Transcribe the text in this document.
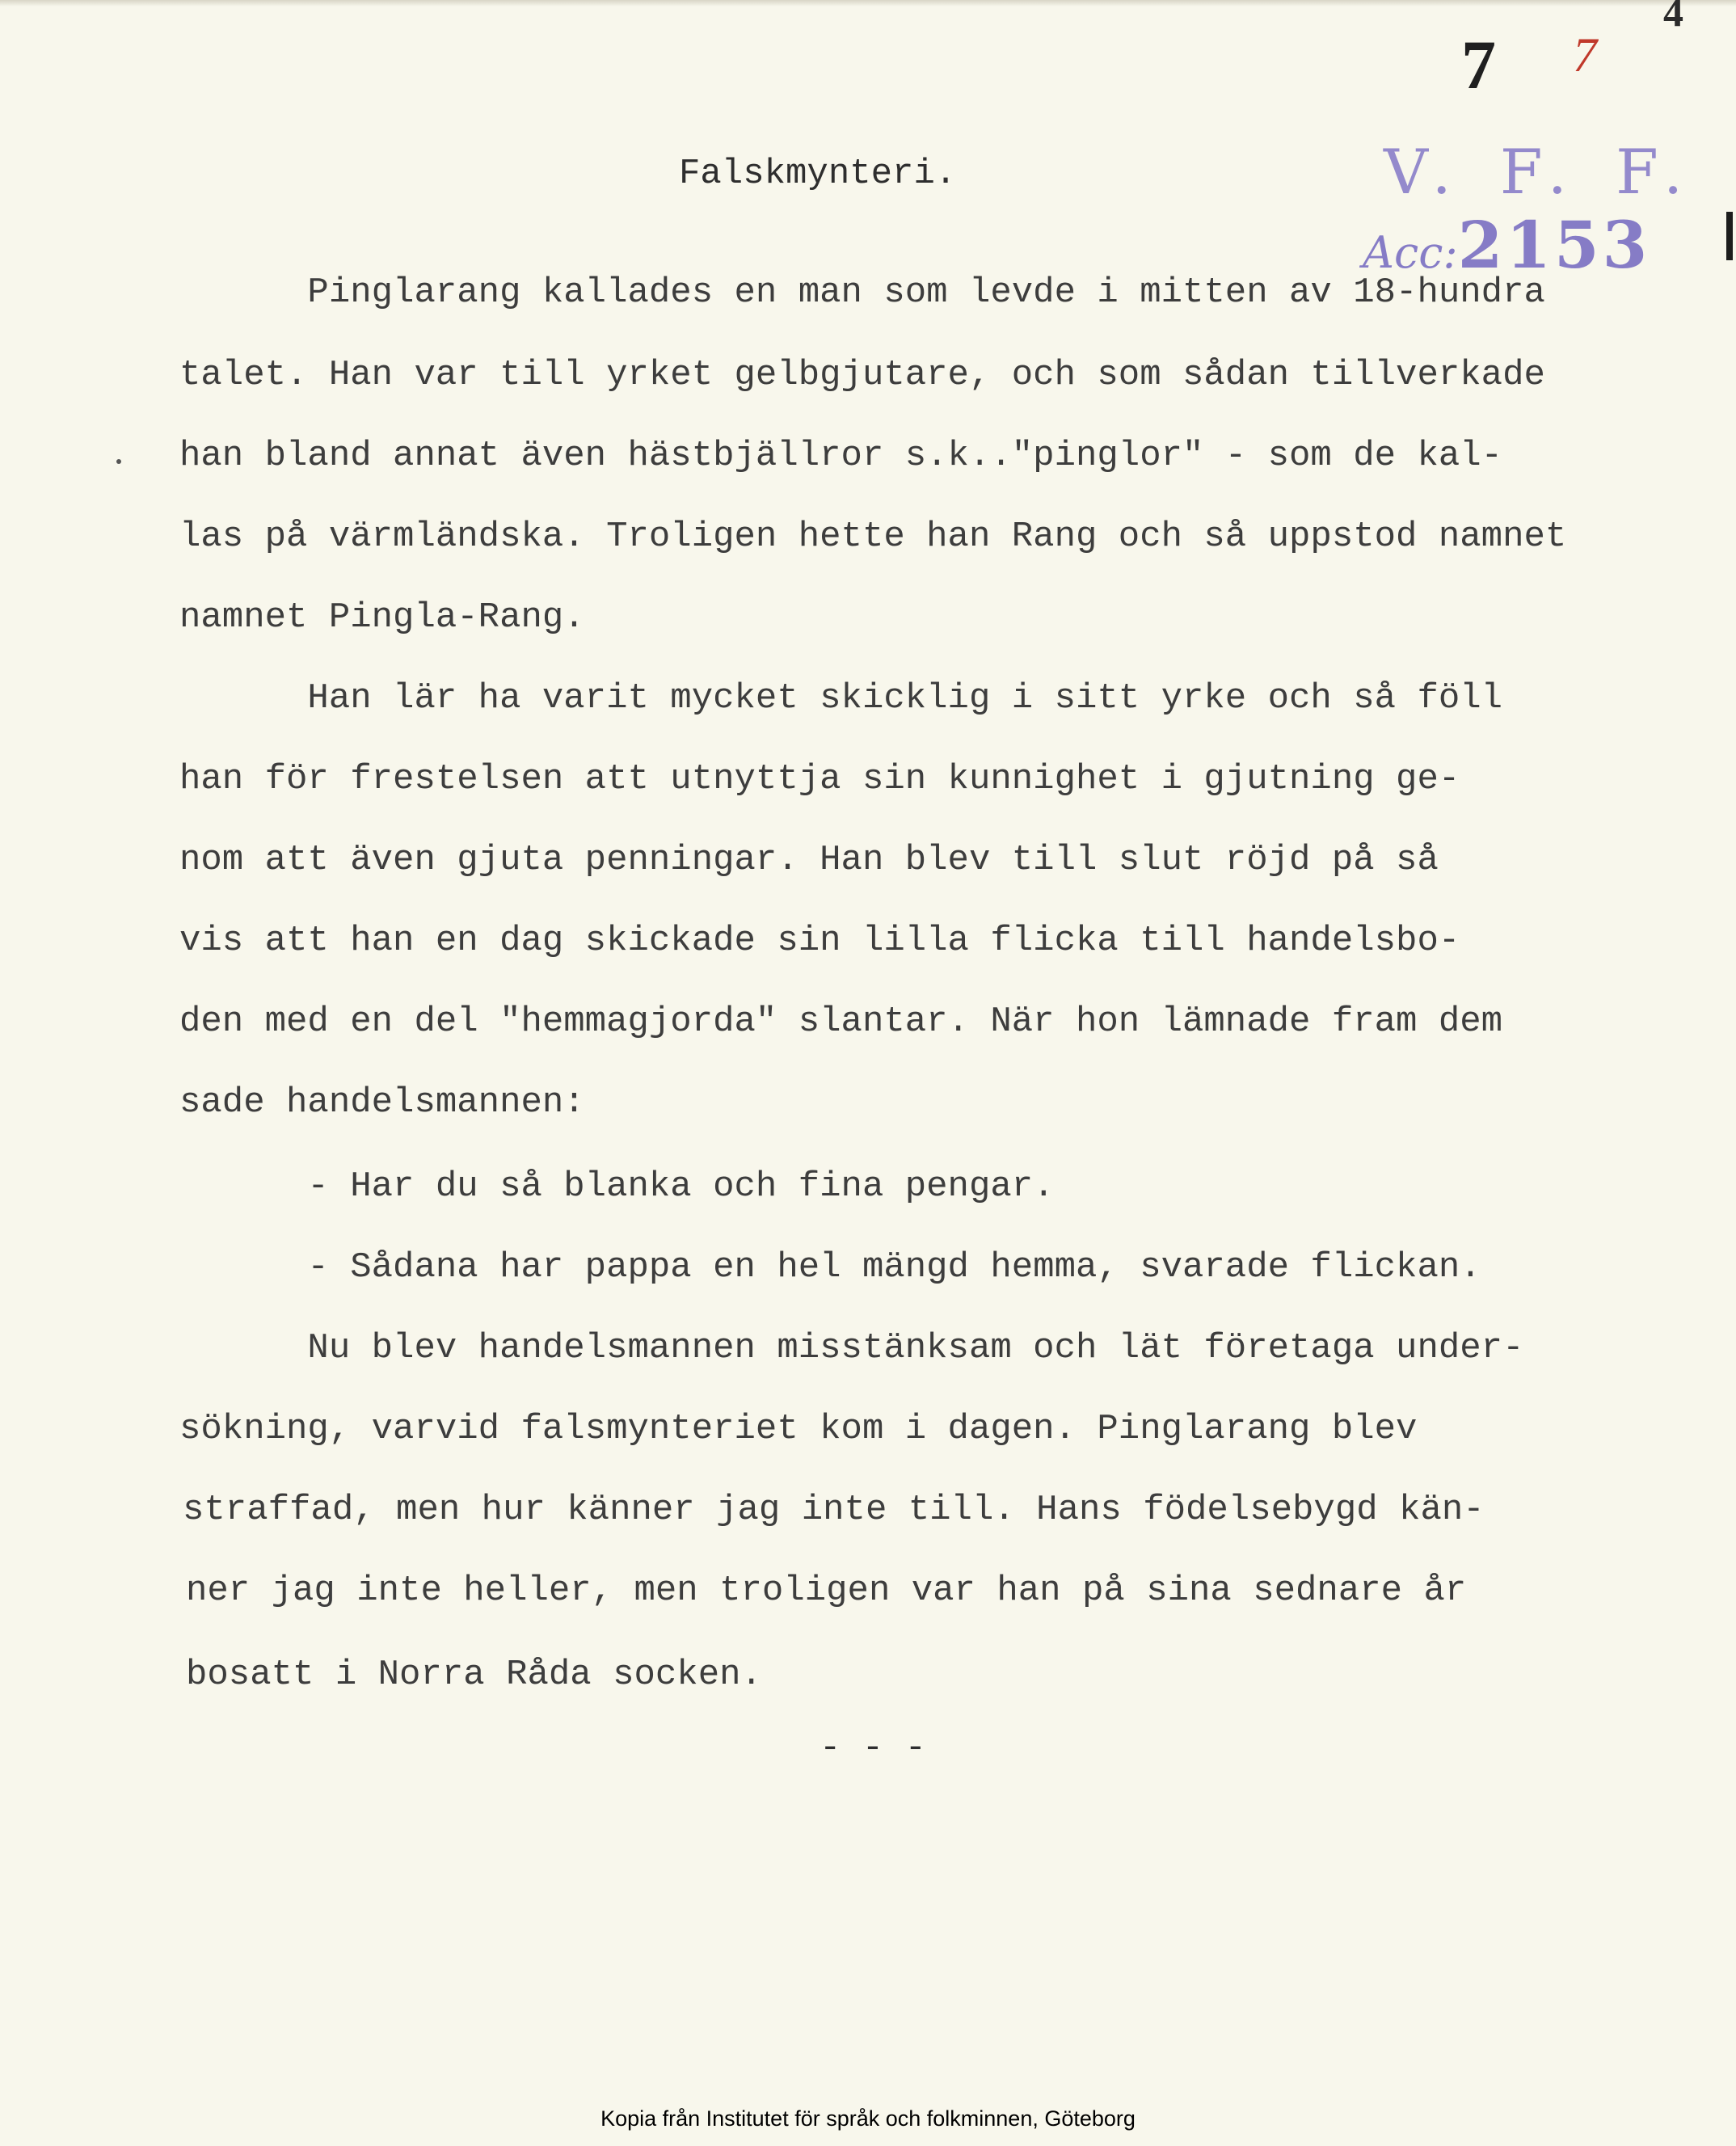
4
7 7
V. F. F.
Acc:2153
Falskmynteri.
Pinglarang kallades en man som levde i mitten av 18-hundra
talet. Han var till yrket gelbgjutare, och som sådan tillverkade
han bland annat även hästbjällror s.k.."pinglor" - som de kal-
las på värmländska. Troligen hette han Rang och så uppstod namnet
namnet Pingla-Rang.
Han lär ha varit mycket skicklig i sitt yrke och så föll
han för frestelsen att utnyttja sin kunnighet i gjutning ge-
nom att även gjuta penningar. Han blev till slut röjd på så
vis att han en dag skickade sin lilla flicka till handelsbo-
den med en del "hemmagjorda" slantar. När hon lämnade fram dem
sade handelsmannen:
- Har du så blanka och fina pengar.
- Sådana har pappa en hel mängd hemma, svarade flickan.
Nu blev handelsmannen misstänksam och lät företaga under-
sökning, varvid falsmynteriet kom i dagen. Pinglarang blev
straffad, men hur känner jag inte till. Hans födelsebygd kän-
ner jag inte heller, men troligen var han på sina sednare år
bosatt i Norra Råda socken.
- - -
Kopia från Institutet för språk och folkminnen, Göteborg
